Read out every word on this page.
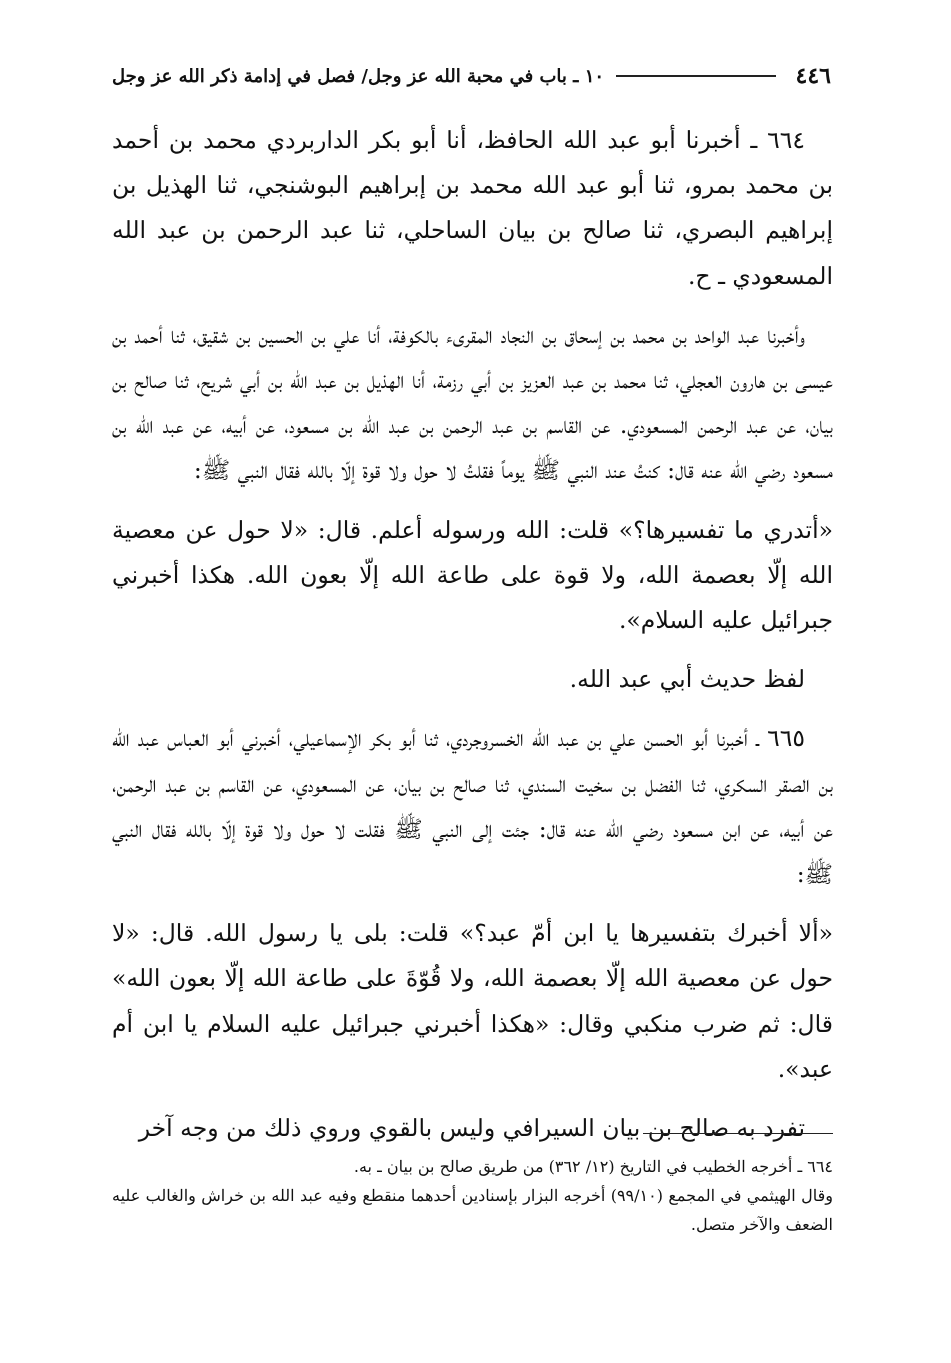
٤٤٦
١٠ ـ باب في محبة الله عز وجل/ فصل في إدامة ذكر الله عز وجل

٦٦٤ ـ أخبرنا أبو عبد الله الحافظ، أنا أبو بكر الداربردي محمد بن أحمد بن محمد بمرو، ثنا أبو عبد الله محمد بن إبراهيم البوشنجي، ثنا الهذيل بن إبراهيم البصري، ثنا صالح بن بيان الساحلي، ثنا عبد الرحمن بن عبد الله المسعودي ـ ح.

وأخبرنا عبد الواحد بن محمد بن إسحاق بن النجاد المقرىء بالكوفة، أنا علي بن الحسين بن شقيق، ثنا أحمد بن عيسى بن هارون العجلي، ثنا محمد بن عبد العزيز بن أبي رزمة، أنا الهذيل بن عبد الله بن أبي شريح، ثنا صالح بن بيان، عن عبد الرحمن المسعودي. عن القاسم بن عبد الرحمن بن عبد الله بن مسعود، عن أبيه، عن عبد الله بن مسعود رضي الله عنه قال: كنتُ عند النبي ﷺ يوماً فقلتُ لا حول ولا قوة إلّا بالله فقال النبي ﷺ:

«أتدري ما تفسيرها؟» قلت: الله ورسوله أعلم. قال: «لا حول عن معصية الله إلّا بعصمة الله، ولا قوة على طاعة الله إلّا بعون الله. هكذا أخبرني جبرائيل عليه السلام».

لفظ حديث أبي عبد الله.

٦٦٥ ـ أخبرنا أبو الحسن علي بن عبد الله الخسروجردي، ثنا أبو بكر الإسماعيلي، أخبرني أبو العباس عبد الله بن الصقر السكري، ثنا الفضل بن سخيت السندي، ثنا صالح بن بيان، عن المسعودي، عن القاسم بن عبد الرحمن، عن أبيه، عن ابن مسعود رضي الله عنه قال: جئت إلى النبي ﷺ فقلت لا حول ولا قوة إلّا بالله فقال النبي ﷺ:

«ألا أخبرك بتفسيرها يا ابن أمّ عبد؟» قلت: بلى يا رسول الله. قال: «لا حول عن معصية الله إلّا بعصمة الله، ولا قُوّةَ على طاعة الله إلّا بعون الله» قال: ثم ضرب منكبي وقال: «هكذا أخبرني جبرائيل عليه السلام يا ابن أم عبد».

تفرد به صالح بن بيان السيرافي وليس بالقوي وروي ذلك من وجه آخر

٦٦٤ ـ أخرجه الخطيب في التاريخ (١٢/ ٣٦٢) من طريق صالح بن بيان ـ به.

وقال الهيثمي في المجمع (٩٩/١٠) أخرجه البزار بإسنادين أحدهما منقطع وفيه عبد الله بن خراش والغالب عليه الضعف والآخر متصل.
